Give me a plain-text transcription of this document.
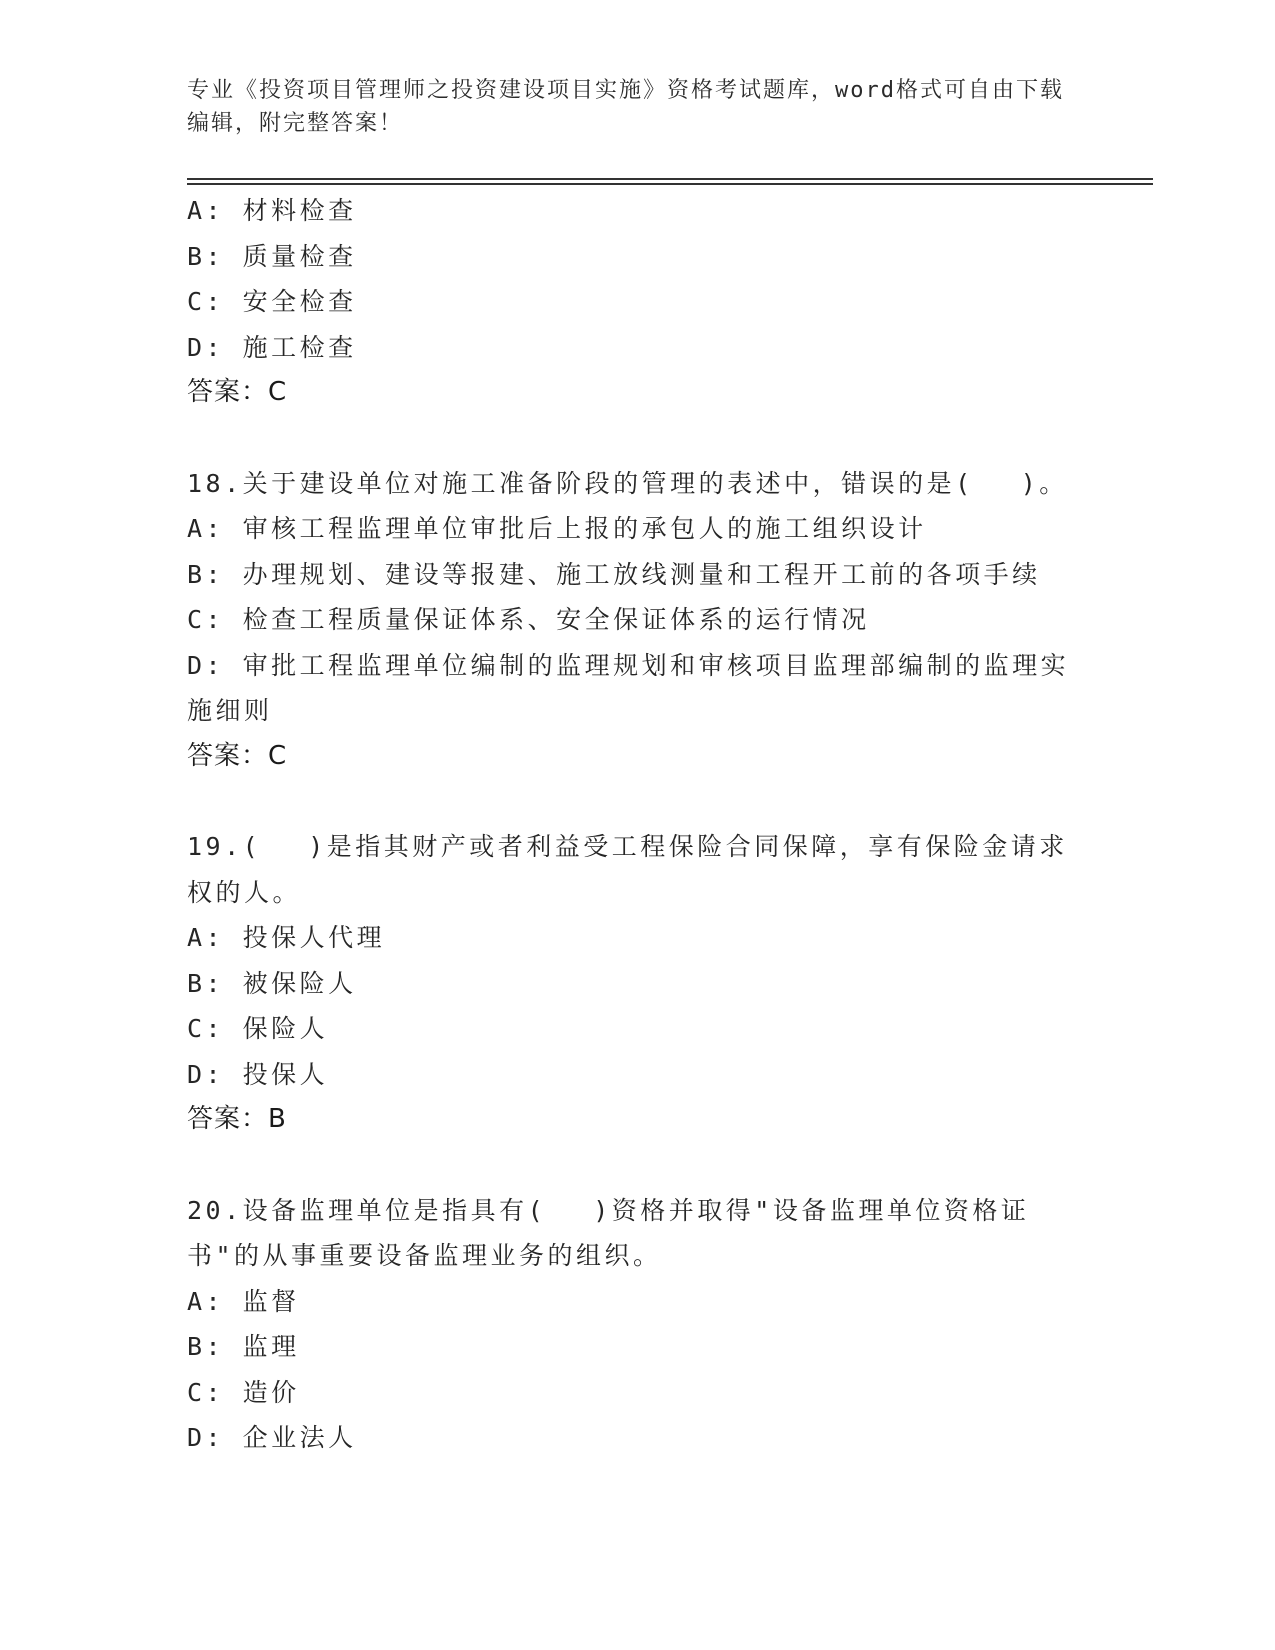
专业《投资项目管理师之投资建设项目实施》资格考试题库，word格式可自由下载编辑，附完整答案！
A: 材料检查
B: 质量检查
C: 安全检查
D: 施工检查
答案：C
18.关于建设单位对施工准备阶段的管理的表述中，错误的是(　 )。
A: 审核工程监理单位审批后上报的承包人的施工组织设计
B: 办理规划、建设等报建、施工放线测量和工程开工前的各项手续
C: 检查工程质量保证体系、安全保证体系的运行情况
D: 审批工程监理单位编制的监理规划和审核项目监理部编制的监理实施细则
答案：C
19.(　 )是指其财产或者利益受工程保险合同保障，享有保险金请求权的人。
A: 投保人代理
B: 被保险人
C: 保险人
D: 投保人
答案：B
20.设备监理单位是指具有(　 )资格并取得"设备监理单位资格证书"的从事重要设备监理业务的组织。
A: 监督
B: 监理
C: 造价
D: 企业法人
